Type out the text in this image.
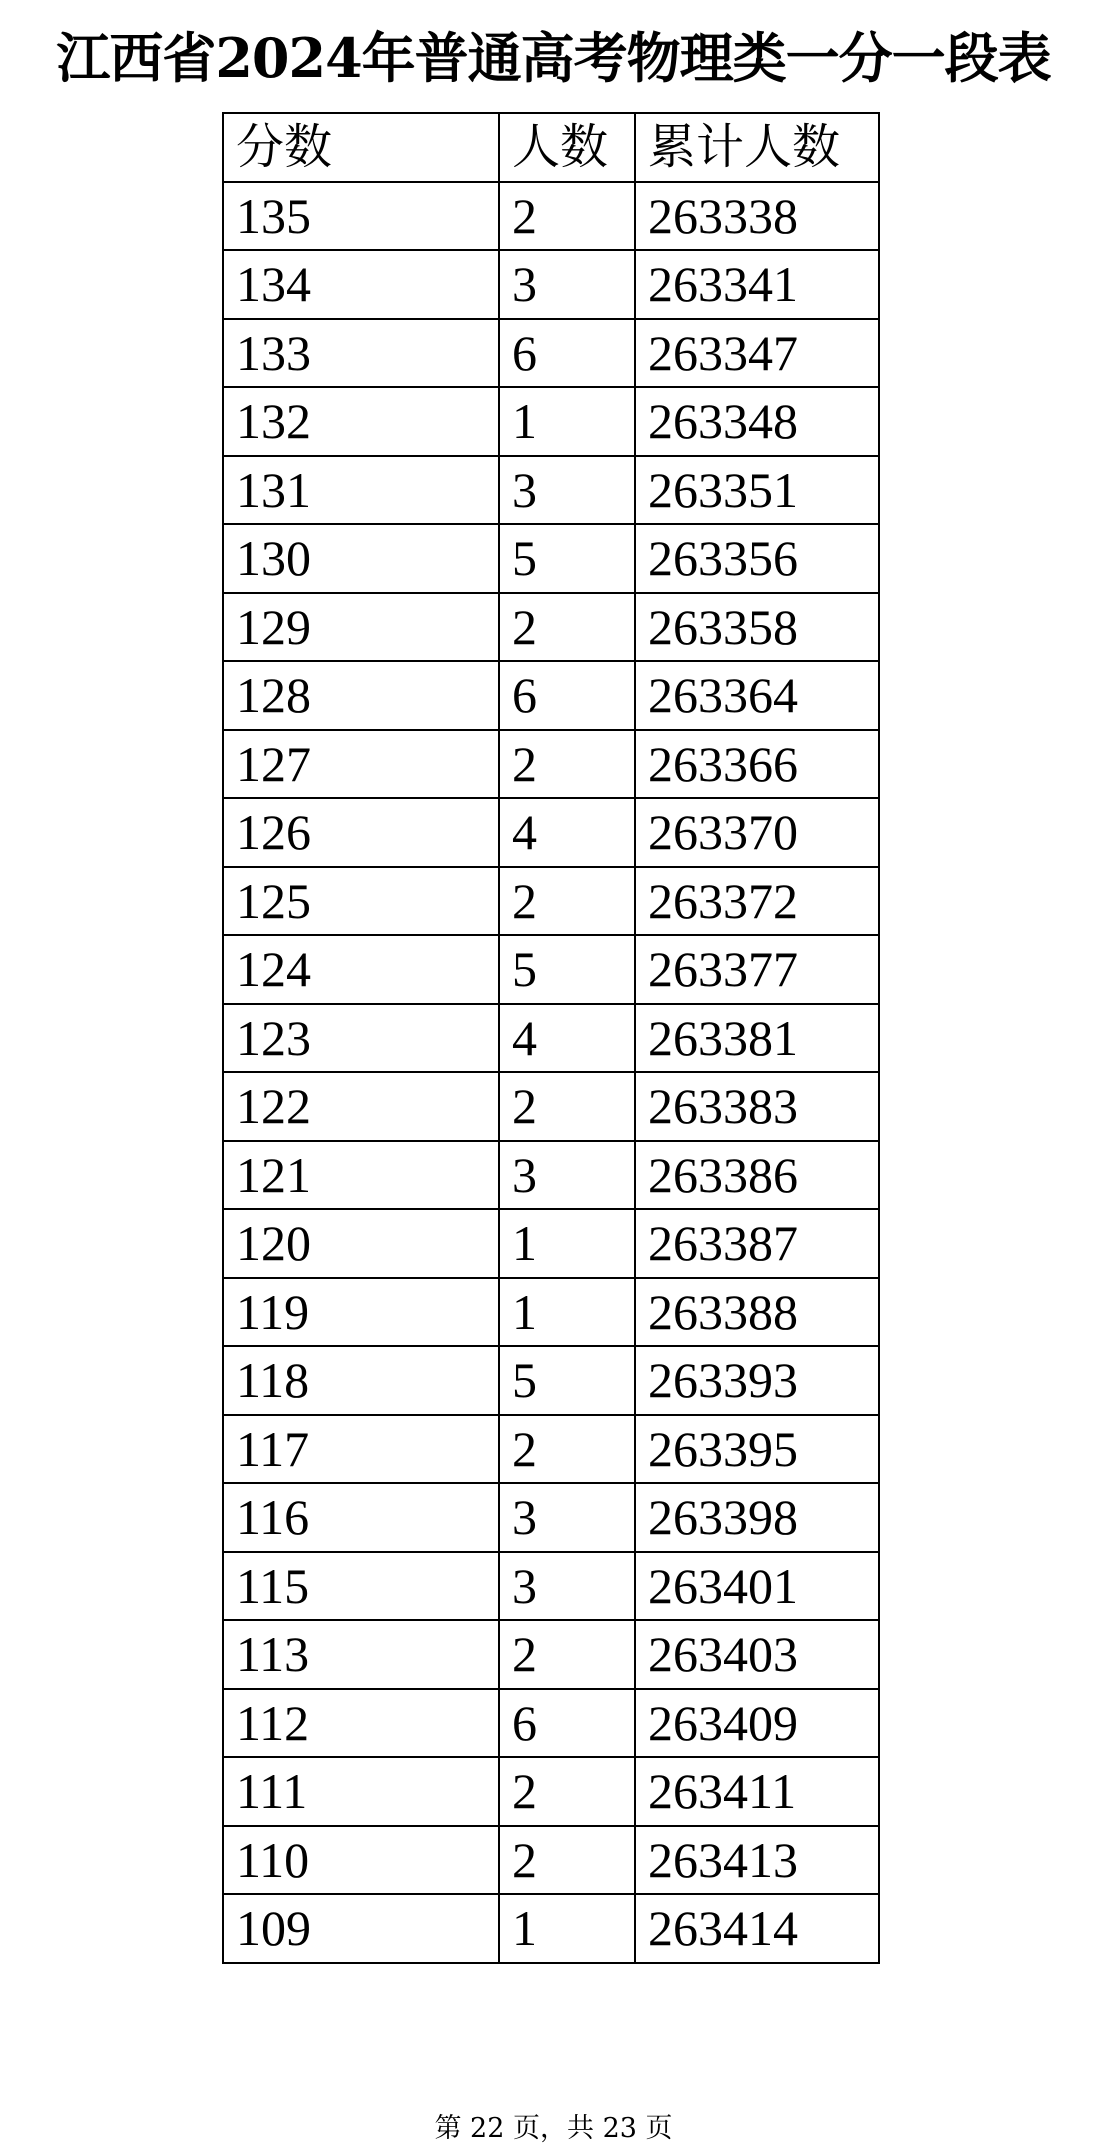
江西省2024年普通高考物理类一分一段表
分数	人数	累计人数
135	2	263338
134	3	263341
133	6	263347
132	1	263348
131	3	263351
130	5	263356
129	2	263358
128	6	263364
127	2	263366
126	4	263370
125	2	263372
124	5	263377
123	4	263381
122	2	263383
121	3	263386
120	1	263387
119	1	263388
118	5	263393
117	2	263395
116	3	263398
115	3	263401
113	2	263403
112	6	263409
111	2	263411
110	2	263413
109	1	263414
第 22 页，共 23 页
